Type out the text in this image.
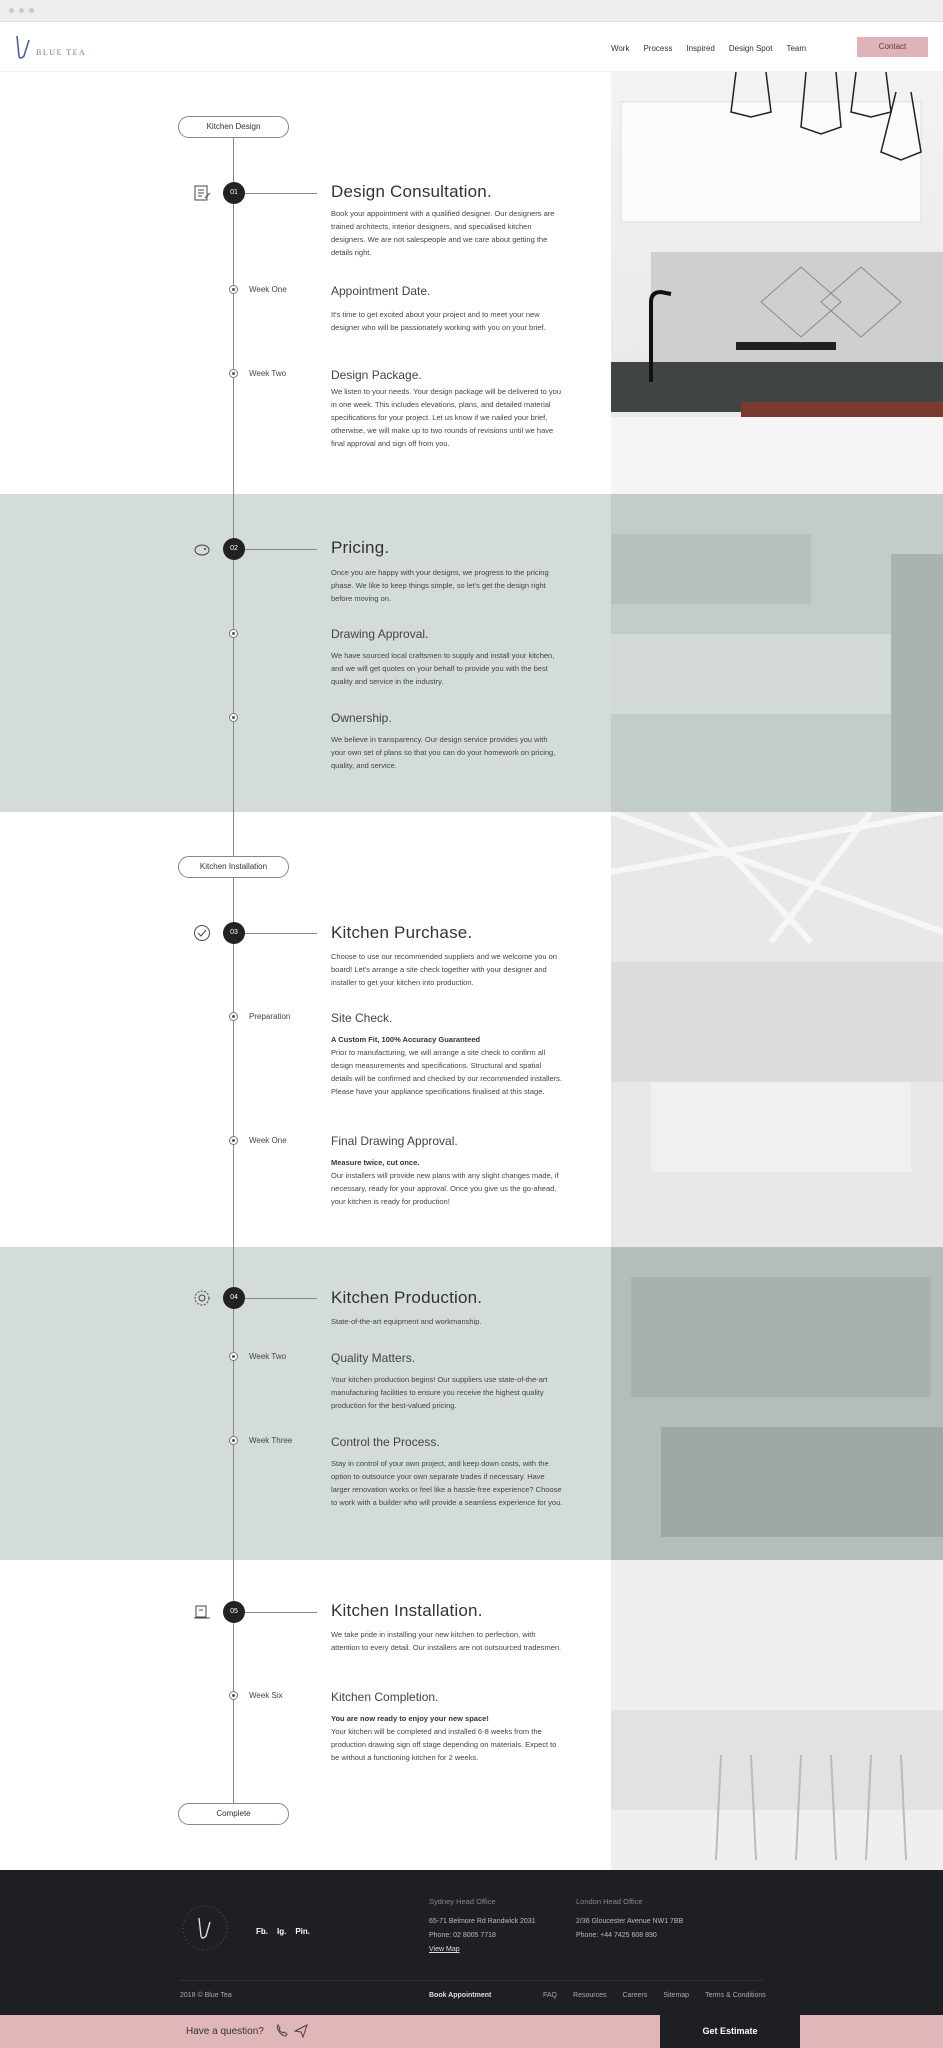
BLUE TEA	Work Process Inspired Design Spot Team	Contact
Kitchen Design
Kitchen Installation
Complete
01	Design Consultation.
Book your appointment with a qualified designer. Our designers are trained architects, interior designers, and specialised kitchen designers. We are not salespeople and we care about getting the details right.
Week One	Appointment Date.
It's time to get excited about your project and to meet your new designer who will be passionately working with you on your brief.
Week Two	Design Package.
We listen to your needs. Your design package will be delivered to you in one week. This includes elevations, plans, and detailed material specifications for your project. Let us know if we nailed your brief, otherwise, we will make up to two rounds of revisions until we have final approval and sign off from you.
02	Pricing.
Once you are happy with your designs, we progress to the pricing phase. We like to keep things simple, so let's get the design right before moving on.
Drawing Approval.
We have sourced local craftsmen to supply and install your kitchen, and we will get quotes on your behalf to provide you with the best quality and service in the industry.
Ownership.
We believe in transparency. Our design service provides you with your own set of plans so that you can do your homework on pricing, quality, and service.
03	Kitchen Purchase.
Choose to use our recommended suppliers and we welcome you on board! Let's arrange a site check together with your designer and installer to get your kitchen into production.
Preparation	Site Check.
A Custom Fit, 100% Accuracy Guaranteed
Prior to manufacturing, we will arrange a site check to confirm all design measurements and specifications. Structural and spatial details will be confirmed and checked by our recommended installers. Please have your appliance specifications finalised at this stage.
Week One	Final Drawing Approval.
Measure twice, cut once.
Our installers will provide new plans with any slight changes made, if necessary, ready for your approval. Once you give us the go-ahead, your kitchen is ready for production!
04	Kitchen Production.
State-of-the-art equipment and workmanship.
Week Two	Quality Matters.
Your kitchen production begins! Our suppliers use state-of-the-art manufacturing facilities to ensure you receive the highest quality production for the best-valued pricing.
Week Three	Control the Process.
Stay in control of your own project, and keep down costs, with the option to outsource your own separate trades if necessary. Have larger renovation works or feel like a hassle-free experience? Choose to work with a builder who will provide a seamless experience for you.
05	Kitchen Installation.
We take pride in installing your new kitchen to perfection, with attention to every detail. Our installers are not outsourced tradesmen.
Week Six	Kitchen Completion.
You are now ready to enjoy your new space!
Your kitchen will be completed and installed 6-8 weeks from the production drawing sign off stage depending on materials. Expect to be without a functioning kitchen for 2 weeks.
Fb. Ig. Pin.
Sydney Head Office
65-71 Belmore Rd Randwick 2031
Phone: 02 8005 7718
View Map
London Head Office
2/36 Gloucester Avenue NW1 7BB
Phone: +44 7425 608 890
2018 © Blue Tea	Book Appointment	FAQ Resources Careers Sitemap Terms & Conditions
Have a question?	Get Estimate
